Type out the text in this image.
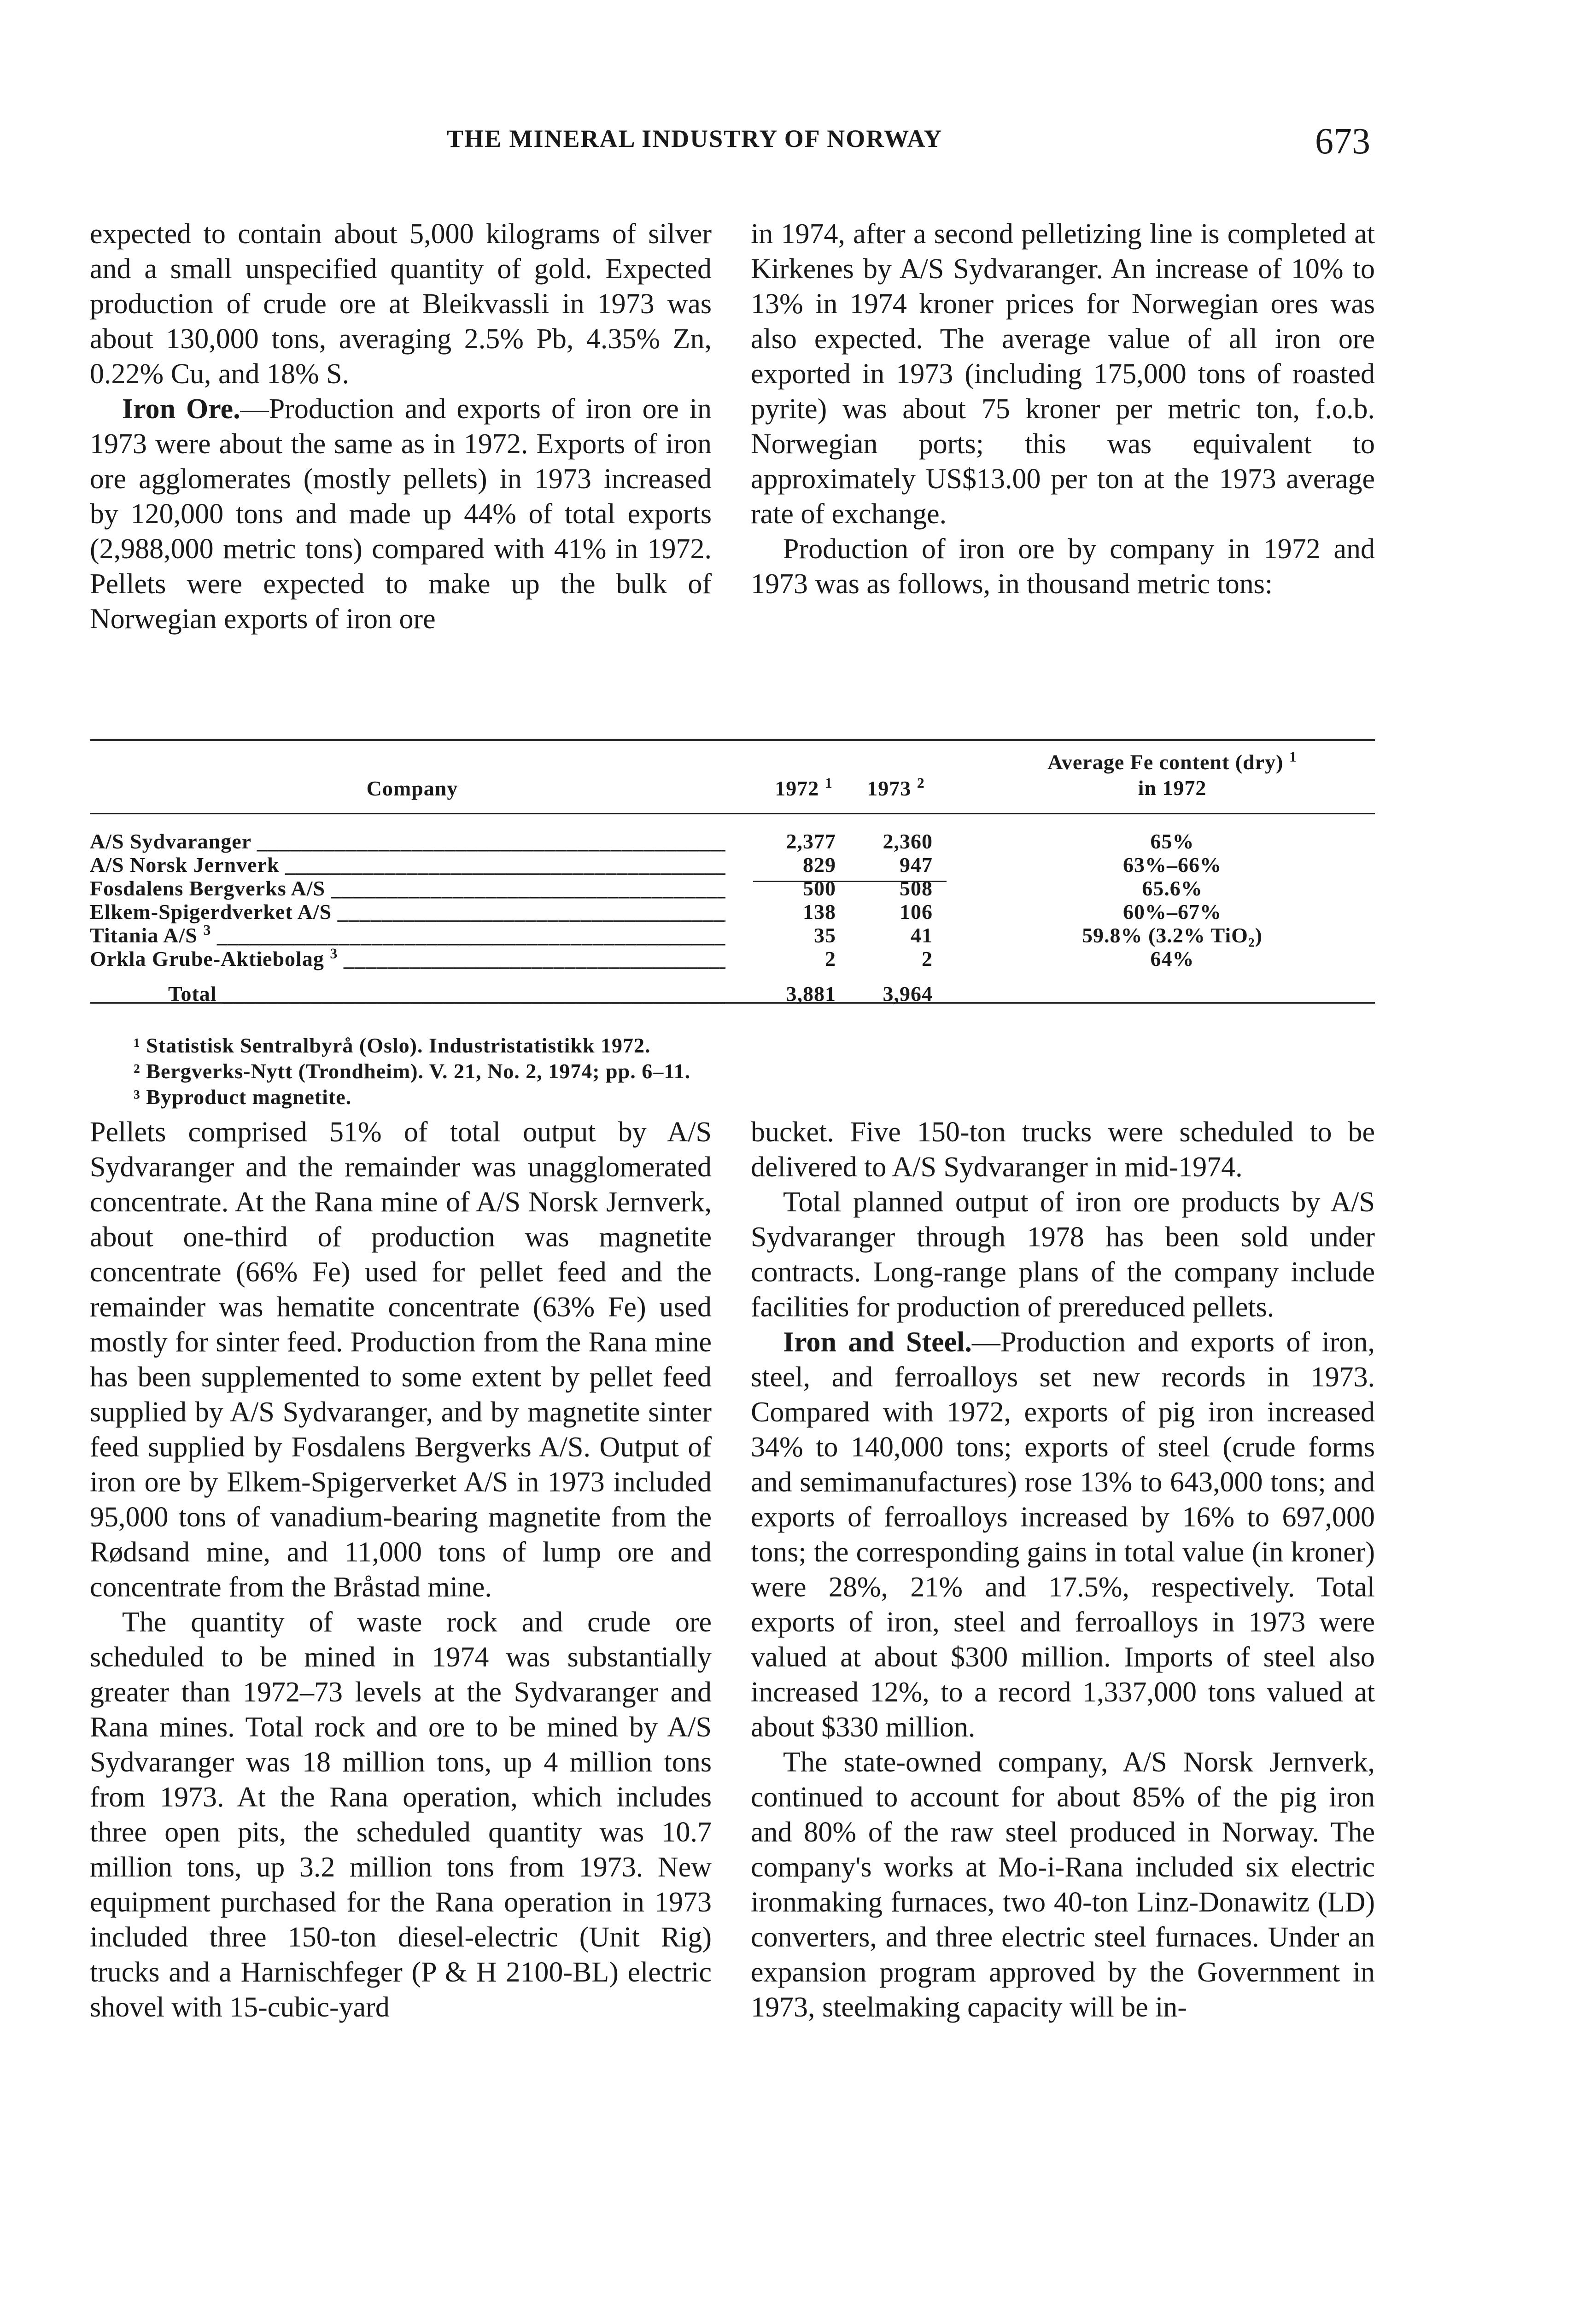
THE MINERAL INDUSTRY OF NORWAY	673

expected to contain about 5,000 kilograms of silver and a small unspecified quantity of gold. Expected production of crude ore at Bleikvassli in 1973 was about 130,000 tons, averaging 2.5% Pb, 4.35% Zn, 0.22% Cu, and 18% S.

Iron Ore.—Production and exports of iron ore in 1973 were about the same as in 1972. Exports of iron ore agglomerates (mostly pellets) in 1973 increased by 120,000 tons and made up 44% of total exports (2,988,000 metric tons) compared with 41% in 1972. Pellets were expected to make up the bulk of Norwegian exports of iron ore

in 1974, after a second pelletizing line is completed at Kirkenes by A/S Sydvaranger. An increase of 10% to 13% in 1974 kroner prices for Norwegian ores was also expected. The average value of all iron ore exported in 1973 (including 175,000 tons of roasted pyrite) was about 75 kroner per metric ton, f.o.b. Norwegian ports; this was equivalent to approximately US$13.00 per ton at the 1973 average rate of exchange.

Production of iron ore by company in 1972 and 1973 was as follows, in thousand metric tons:

Company	1972 $^1$	1973 $^2$
Average Fe content (dry) $^1$
in 1972
A/S Sydvaranger _____	2,377	2,360	65%
A/S Norsk Jernverk _____	829	947	63%–66%
Fosdalens Bergverks A/S _____	500	508	65.6%
Elkem-Spigerdverket A/S _____	138	106	60%–67%
Titania A/S $^3$ _____	35	41	59.8% (3.2% TiO₂)
Orkla Grube-Aktiebolag $^3$ _____	2	2	64%
Total _____	3,881	3,964
¹ Statistisk Sentralbyrå (Oslo). Industristatistikk 1972.
² Bergverks-Nytt (Trondheim). V. 21, No. 2, 1974; pp. 6–11.
³ Byproduct magnetite.

Pellets comprised 51% of total output by A/S Sydvaranger and the remainder was unagglomerated concentrate. At the Rana mine of A/S Norsk Jernverk, about one-third of production was magnetite concentrate (66% Fe) used for pellet feed and the remainder was hematite concentrate (63% Fe) used mostly for sinter feed. Production from the Rana mine has been supplemented to some extent by pellet feed supplied by A/S Sydvaranger, and by magnetite sinter feed supplied by Fosdalens Bergverks A/S. Output of iron ore by Elkem-Spigerverket A/S in 1973 included 95,000 tons of vanadium-bearing magnetite from the Rødsand mine, and 11,000 tons of lump ore and concentrate from the Bråstad mine.

The quantity of waste rock and crude ore scheduled to be mined in 1974 was substantially greater than 1972–73 levels at the Sydvaranger and Rana mines. Total rock and ore to be mined by A/S Sydvaranger was 18 million tons, up 4 million tons from 1973. At the Rana operation, which includes three open pits, the scheduled quantity was 10.7 million tons, up 3.2 million tons from 1973. New equipment purchased for the Rana operation in 1973 included three 150-ton diesel-electric (Unit Rig) trucks and a Harnischfeger (P & H 2100-BL) electric shovel with 15-cubic-yard

bucket. Five 150-ton trucks were scheduled to be delivered to A/S Sydvaranger in mid-1974.

Total planned output of iron ore products by A/S Sydvaranger through 1978 has been sold under contracts. Long-range plans of the company include facilities for production of prereduced pellets.

Iron and Steel.—Production and exports of iron, steel, and ferroalloys set new records in 1973. Compared with 1972, exports of pig iron increased 34% to 140,000 tons; exports of steel (crude forms and semimanufactures) rose 13% to 643,000 tons; and exports of ferroalloys increased by 16% to 697,000 tons; the corresponding gains in total value (in kroner) were 28%, 21% and 17.5%, respectively. Total exports of iron, steel and ferroalloys in 1973 were valued at about $300 million. Imports of steel also increased 12%, to a record 1,337,000 tons valued at about $330 million.

The state-owned company, A/S Norsk Jernverk, continued to account for about 85% of the pig iron and 80% of the raw steel produced in Norway. The company's works at Mo-i-Rana included six electric ironmaking furnaces, two 40-ton Linz-Donawitz (LD) converters, and three electric steel furnaces. Under an expansion program approved by the Government in 1973, steelmaking capacity will be in-
